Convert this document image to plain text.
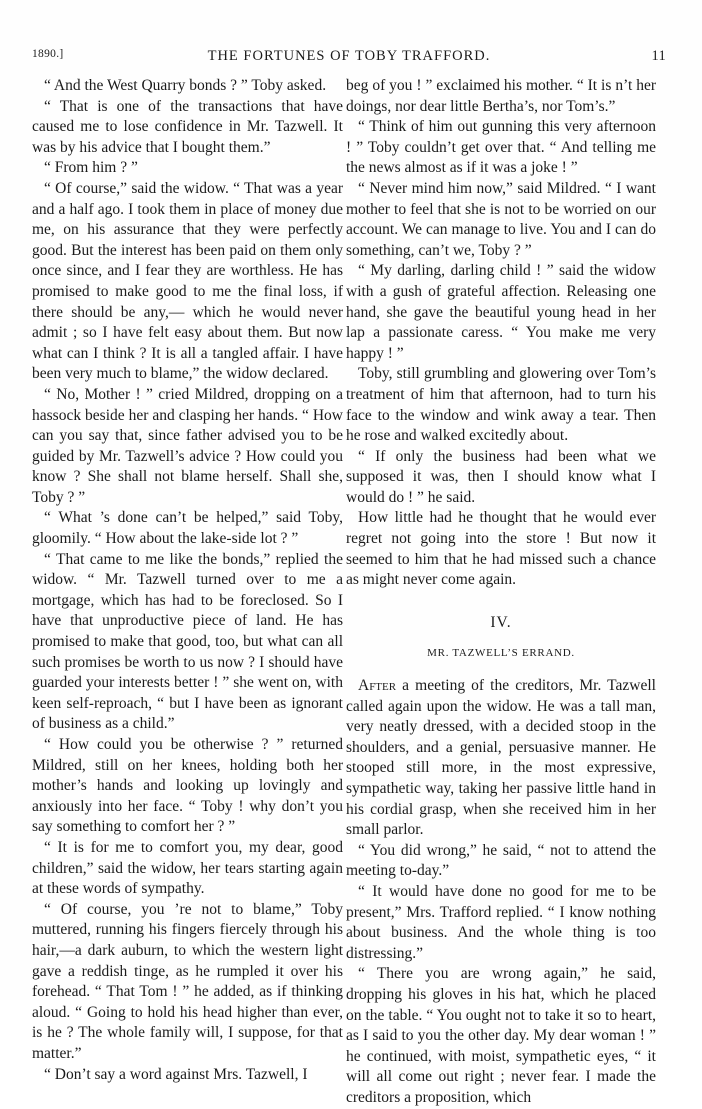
1890.]	THE FORTUNES OF TOBY TRAFFORD.	11

“ And the West Quarry bonds ? ” Toby asked.

“ That is one of the transactions that have caused me to lose confidence in Mr. Tazwell. It was by his advice that I bought them.”

“ From him ? ”

“ Of course,” said the widow. “ That was a year and a half ago. I took them in place of money due me, on his assurance that they were perfectly good. But the interest has been paid on them only once since, and I fear they are worthless. He has promised to make good to me the final loss, if there should be any,— which he would never admit ; so I have felt easy about them. But now what can I think ? It is all a tangled affair. I have been very much to blame,” the widow declared.

“ No, Mother ! ” cried Mildred, dropping on a hassock beside her and clasping her hands. “ How can you say that, since father advised you to be guided by Mr. Tazwell’s advice ? How could you know ? She shall not blame herself. Shall she, Toby ? ”

“ What ’s done can’t be helped,” said Toby, gloomily. “ How about the lake-side lot ? ”

“ That came to me like the bonds,” replied the widow. “ Mr. Tazwell turned over to me a mortgage, which has had to be foreclosed. So I have that unproductive piece of land. He has promised to make that good, too, but what can all such promises be worth to us now ? I should have guarded your interests better ! ” she went on, with keen self-reproach, “ but I have been as ignorant of business as a child.”

“ How could you be otherwise ? ” returned Mildred, still on her knees, holding both her mother’s hands and looking up lovingly and anxiously into her face. “ Toby ! why don’t you say something to comfort her ? ”

“ It is for me to comfort you, my dear, good children,” said the widow, her tears starting again at these words of sympathy.

“ Of course, you ’re not to blame,” Toby muttered, running his fingers fiercely through his hair,—a dark auburn, to which the western light gave a reddish tinge, as he rumpled it over his forehead. “ That Tom ! ” he added, as if thinking aloud. “ Going to hold his head higher than ever, is he ? The whole family will, I suppose, for that matter.”

“ Don’t say a word against Mrs. Tazwell, I

beg of you ! ” exclaimed his mother. “ It is n’t her doings, nor dear little Bertha’s, nor Tom’s.”

“ Think of him out gunning this very afternoon ! ” Toby couldn’t get over that. “ And telling me the news almost as if it was a joke ! ”

“ Never mind him now,” said Mildred. “ I want mother to feel that she is not to be worried on our account. We can manage to live. You and I can do something, can’t we, Toby ? ”

“ My darling, darling child ! ” said the widow with a gush of grateful affection. Releasing one hand, she gave the beautiful young head in her lap a passionate caress. “ You make me very happy ! ”

Toby, still grumbling and glowering over Tom’s treatment of him that afternoon, had to turn his face to the window and wink away a tear. Then he rose and walked excitedly about.

“ If only the business had been what we supposed it was, then I should know what I would do ! ” he said.

How little had he thought that he would ever regret not going into the store ! But now it seemed to him that he had missed such a chance as might never come again.

IV.
MR. TAZWELL’S ERRAND.

After a meeting of the creditors, Mr. Tazwell called again upon the widow. He was a tall man, very neatly dressed, with a decided stoop in the shoulders, and a genial, persuasive manner. He stooped still more, in the most expressive, sympathetic way, taking her passive little hand in his cordial grasp, when she received him in her small parlor.

“ You did wrong,” he said, “ not to attend the meeting to-day.”

“ It would have done no good for me to be present,” Mrs. Trafford replied. “ I know nothing about business. And the whole thing is too distressing.”

“ There you are wrong again,” he said, dropping his gloves in his hat, which he placed on the table. “ You ought not to take it so to heart, as I said to you the other day. My dear woman ! ” he continued, with moist, sympathetic eyes, “ it will all come out right ; never fear. I made the creditors a proposition, which
